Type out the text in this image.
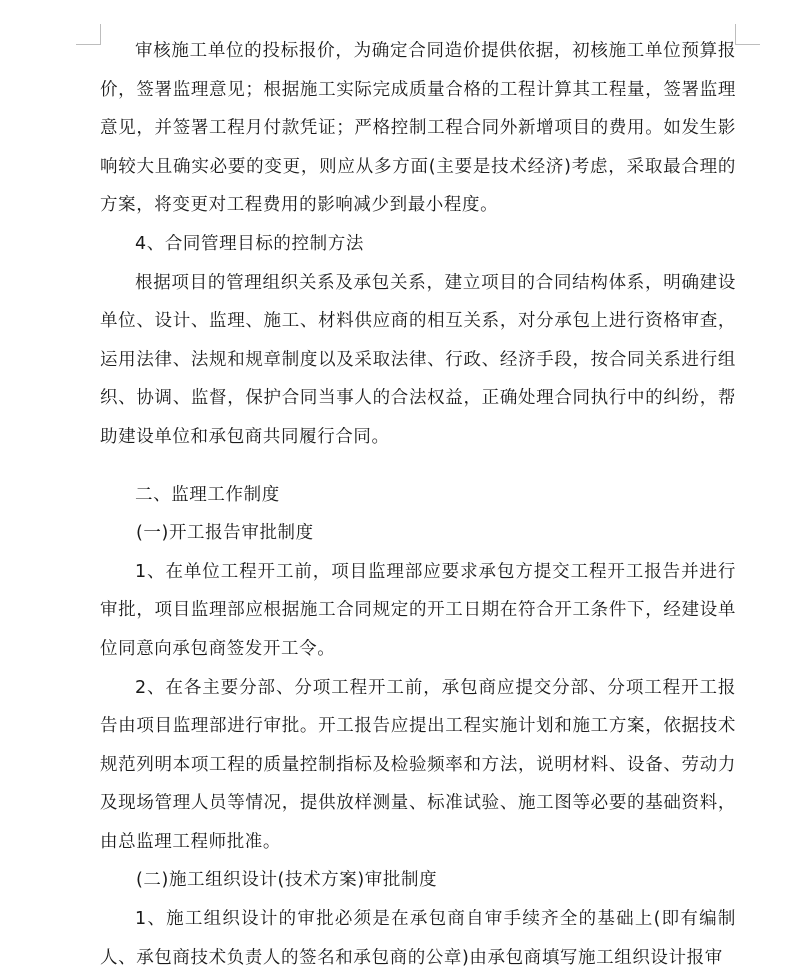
审核施工单位的投标报价，为确定合同造价提供依据，初核施工单位预算报价，签署监理意见；根据施工实际完成质量合格的工程计算其工程量，签署监理意见，并签署工程月付款凭证；严格控制工程合同外新增项目的费用。如发生影响较大且确实必要的变更，则应从多方面(主要是技术经济)考虑，采取最合理的方案，将变更对工程费用的影响减少到最小程度。

4、合同管理目标的控制方法

根据项目的管理组织关系及承包关系，建立项目的合同结构体系，明确建设单位、设计、监理、施工、材料供应商的相互关系，对分承包上进行资格审查，运用法律、法规和规章制度以及采取法律、行政、经济手段，按合同关系进行组织、协调、监督，保护合同当事人的合法权益，正确处理合同执行中的纠纷，帮助建设单位和承包商共同履行合同。

二、监理工作制度

(一)开工报告审批制度

1、在单位工程开工前，项目监理部应要求承包方提交工程开工报告并进行审批，项目监理部应根据施工合同规定的开工日期在符合开工条件下，经建设单位同意向承包商签发开工令。

2、在各主要分部、分项工程开工前，承包商应提交分部、分项工程开工报告由项目监理部进行审批。开工报告应提出工程实施计划和施工方案，依据技术规范列明本项工程的质量控制指标及检验频率和方法，说明材料、设备、劳动力及现场管理人员等情况，提供放样测量、标准试验、施工图等必要的基础资料，由总监理工程师批准。

(二)施工组织设计(技术方案)审批制度

1、施工组织设计的审批必须是在承包商自审手续齐全的基础上(即有编制人、承包商技术负责人的签名和承包商的公章)由承包商填写施工组织设计报审
